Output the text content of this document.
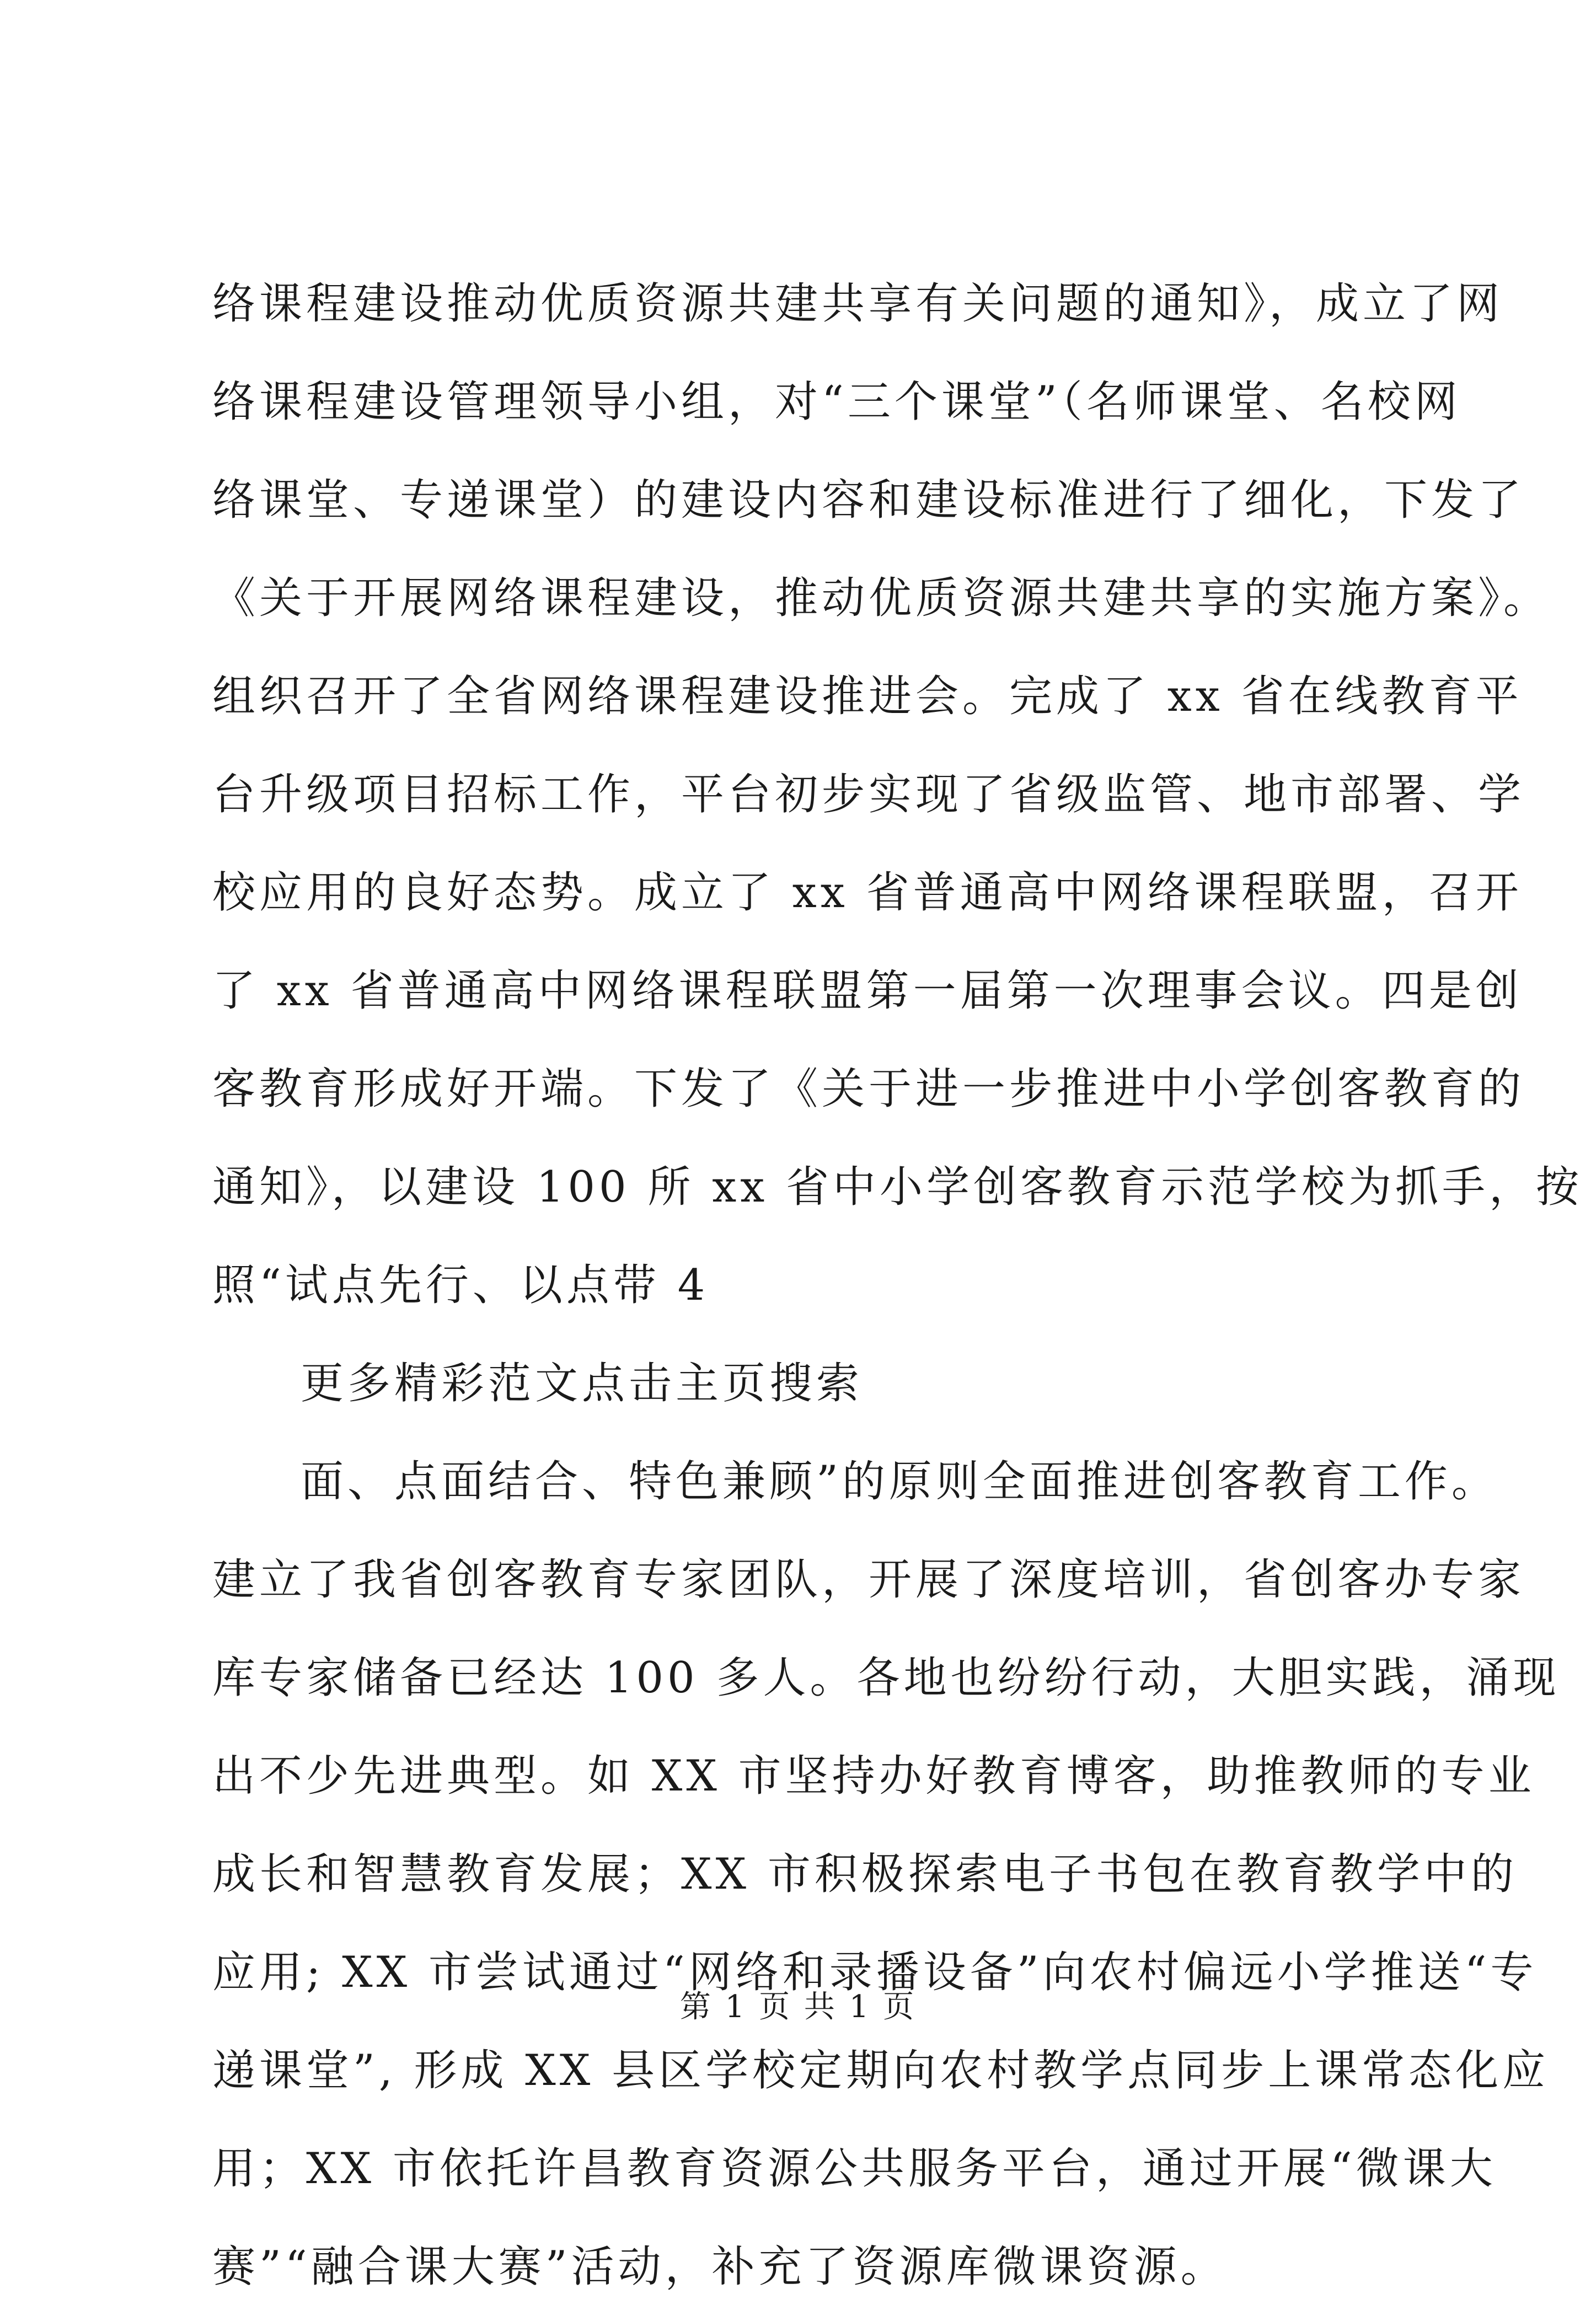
络课程建设推动优质资源共建共享有关问题的通知》，成立了网
络课程建设管理领导小组，对“三个课堂”（名师课堂、名校网
络课堂、专递课堂）的建设内容和建设标准进行了细化，下发了
《关于开展网络课程建设，推动优质资源共建共享的实施方案》。
组织召开了全省网络课程建设推进会。完成了 xx 省在线教育平
台升级项目招标工作，平台初步实现了省级监管、地市部署、学
校应用的良好态势。成立了 xx 省普通高中网络课程联盟，召开
了 xx 省普通高中网络课程联盟第一届第一次理事会议。四是创
客教育形成好开端。下发了《关于进一步推进中小学创客教育的
通知》，以建设 100 所 xx 省中小学创客教育示范学校为抓手，按
照“试点先行、以点带 4
更多精彩范文点击主页搜索
面、点面结合、特色兼顾”的原则全面推进创客教育工作。
建立了我省创客教育专家团队，开展了深度培训，省创客办专家
库专家储备已经达 100 多人。各地也纷纷行动，大胆实践，涌现
出不少先进典型。如 XX 市坚持办好教育博客，助推教师的专业
成长和智慧教育发展；XX 市积极探索电子书包在教育教学中的
应用; XX 市尝试通过“网络和录播设备”向农村偏远小学推送“专
递课堂”, 形成 XX 县区学校定期向农村教学点同步上课常态化应
用；XX 市依托许昌教育资源公共服务平台，通过开展“微课大
赛”“融合课大赛”活动，补充了资源库微课资源。
第 1 页 共 1 页
